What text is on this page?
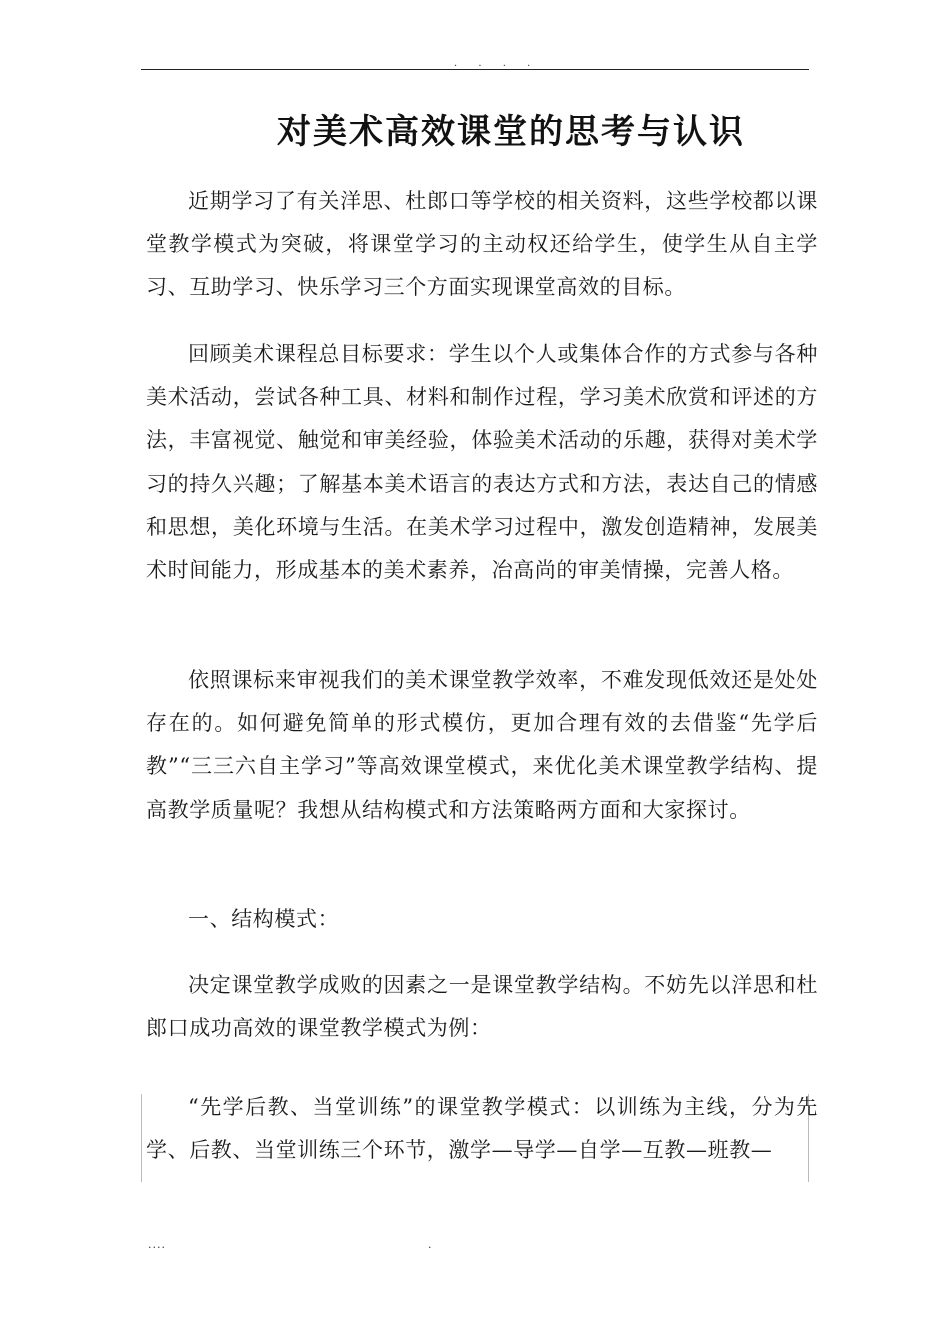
. . . .
对美术高效课堂的思考与认识

近期学习了有关洋思、杜郎口等学校的相关资料，这些学校都以课堂教学模式为突破，将课堂学习的主动权还给学生，使学生从自主学习、互助学习、快乐学习三个方面实现课堂高效的目标。

回顾美术课程总目标要求：学生以个人或集体合作的方式参与各种美术活动，尝试各种工具、材料和制作过程，学习美术欣赏和评述的方法，丰富视觉、触觉和审美经验，体验美术活动的乐趣，获得对美术学习的持久兴趣；了解基本美术语言的表达方式和方法，表达自己的情感和思想，美化环境与生活。在美术学习过程中，激发创造精神，发展美术时间能力，形成基本的美术素养，冶高尚的审美情操，完善人格。

依照课标来审视我们的美术课堂教学效率，不难发现低效还是处处存在的。如何避免简单的形式模仿，更加合理有效的去借鉴“先学后教”“三三六自主学习”等高效课堂模式，来优化美术课堂教学结构、提高教学质量呢？我想从结构模式和方法策略两方面和大家探讨。

一、结构模式：

决定课堂教学成败的因素之一是课堂教学结构。不妨先以洋思和杜郎口成功高效的课堂教学模式为例：

“先学后教、当堂训练”的课堂教学模式：以训练为主线，分为先学、后教、当堂训练三个环节，激学—导学—自学—互教—班教—

....	.
